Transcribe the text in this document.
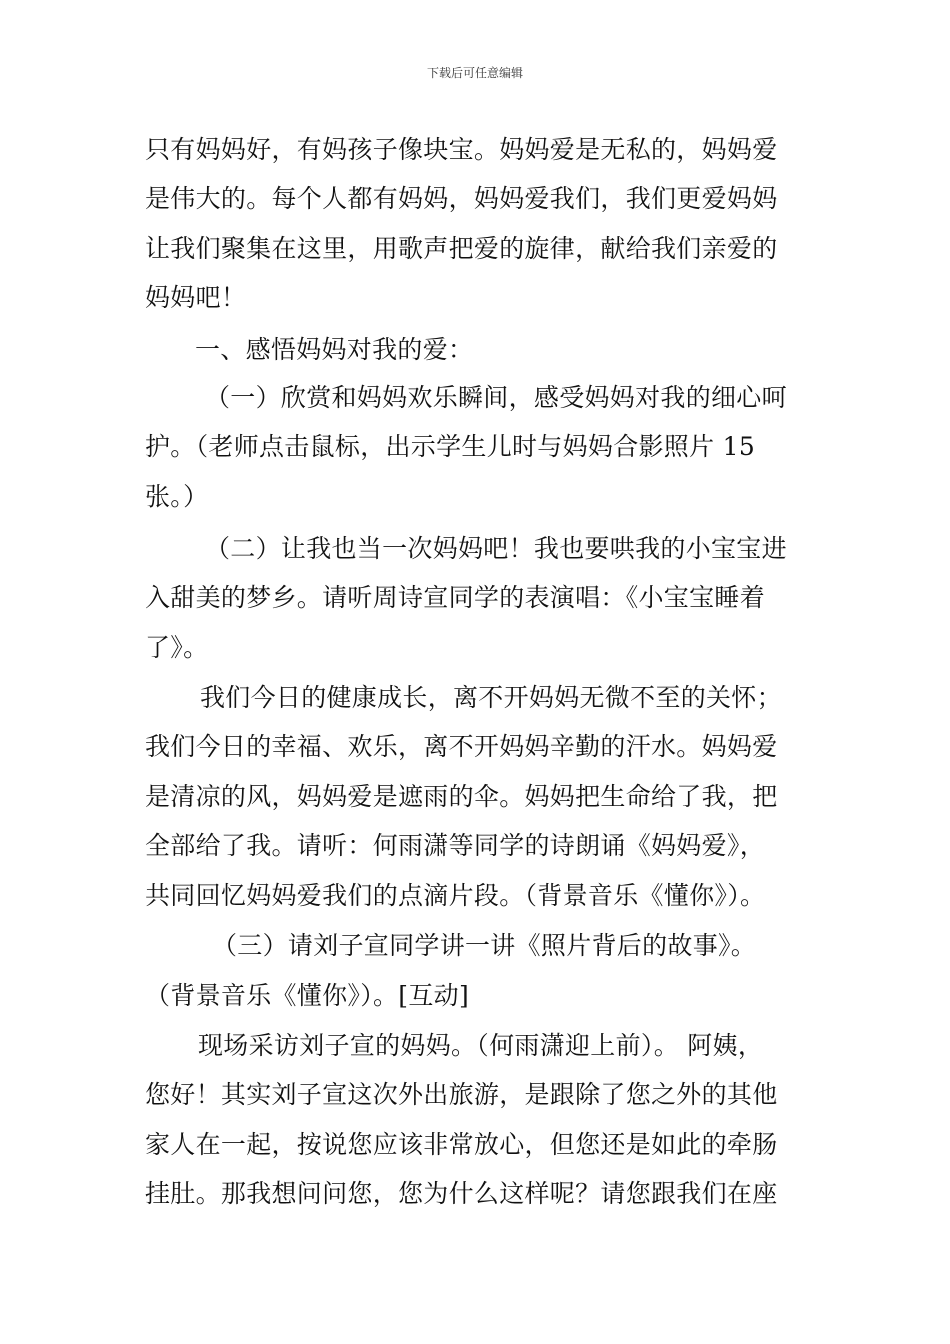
下载后可任意编辑
只有妈妈好，有妈孩子像块宝。妈妈爱是无私的，妈妈爱
是伟大的。每个人都有妈妈，妈妈爱我们，我们更爱妈妈
让我们聚集在这里，用歌声把爱的旋律，献给我们亲爱的
妈妈吧！
一、感悟妈妈对我的爱：
（一）欣赏和妈妈欢乐瞬间，感受妈妈对我的细心呵
护。（老师点击鼠标，出示学生儿时与妈妈合影照片 15
张。）
（二）让我也当一次妈妈吧！我也要哄我的小宝宝进
入甜美的梦乡。请听周诗宣同学的表演唱：《小宝宝睡着
了》。
我们今日的健康成长，离不开妈妈无微不至的关怀；
我们今日的幸福、欢乐，离不开妈妈辛勤的汗水。妈妈爱
是清凉的风，妈妈爱是遮雨的伞。妈妈把生命给了我，把
全部给了我。请听：何雨潇等同学的诗朗诵《妈妈爱》，
共同回忆妈妈爱我们的点滴片段。（背景音乐《懂你》）。
（三）请刘子宣同学讲一讲《照片背后的故事》。
（背景音乐《懂你》）。[互动]
现场采访刘子宣的妈妈。（何雨潇迎上前）。 阿姨，
您好！其实刘子宣这次外出旅游，是跟除了您之外的其他
家人在一起，按说您应该非常放心，但您还是如此的牵肠
挂肚。那我想问问您，您为什么这样呢？请您跟我们在座
